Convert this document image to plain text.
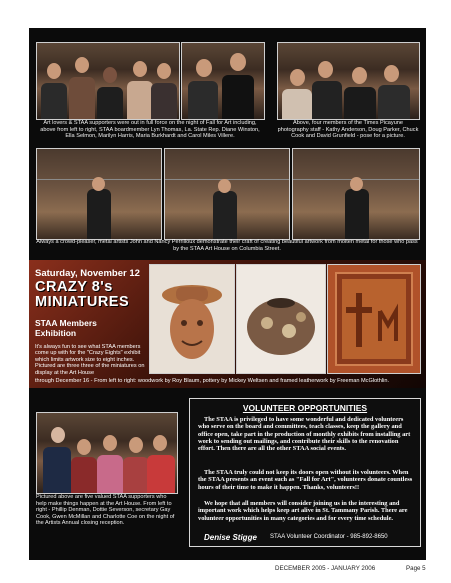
Art lovers & STAA supporters were out in full force on the night of Fall for Art including, above from left to right, STAA boardmember Lyn Thomas, La. State Rep. Diane Winston, Ella Selmon, Marilyn Harris, Maria Burkhardt and Carol Miles Villere.
Above, four members of the Times Picayune photography staff - Kathy Anderson, Doug Parker, Chuck Cook and David Grunfield - pose for a picture.
Always a crowd-pleaser, metal artists John and Nancy Perrilloux demonstrate their craft of creating beautiful artwork from molten metal for those who pass by the STAA Art House on Columbia Street.
Saturday, November 12
CRAZY 8's
MINIATURES
STAA Members
Exhibition
It's always fun to see what STAA members come up with for the "Crazy Eights" exhibit which limits artwork size to eight inches. Pictured are three three of the miniatures on display at the Art House
through December 16 - From left to right: woodwork by Roy Blaum, pottery by Mickey Weltsen and framed leatherwork by Freeman McGlothlin.
Pictured above are five valued STAA supporters who help make things happen at the Art House. From left to right - Phillip Denman, Dottie Severson, secretary Gay Cook, Gwen McMillan and Charlotte Coe on the night of the Artists Annual closing reception.
VOLUNTEER OPPORTUNITIES
The STAA is privileged to have some wonderful and dedicated volunteers who serve on the board and committees, teach classes, keep the gallery and office open, take part in the production of monthly exhibits from installing art work to sending out mailings, and contribute their skills to the renovation effort. Then there are all the other STAA social events.
The STAA truly could not keep its doors open without its volunteers. When the STAA presents an event such as "Fall for Art", volunteers donate countless hours of their time to make it happen. Thanks, volunteers!!
We hope that all members will consider joining us in the interesting and important work which helps keep art alive in St. Tammany Parish. There are volunteer opportunities in many categories and for every time schedule.
Denise Stigge STAA Volunteer Coordinator - 985-892-8650
DECEMBER 2005 - JANUARY 2006	Page 5
